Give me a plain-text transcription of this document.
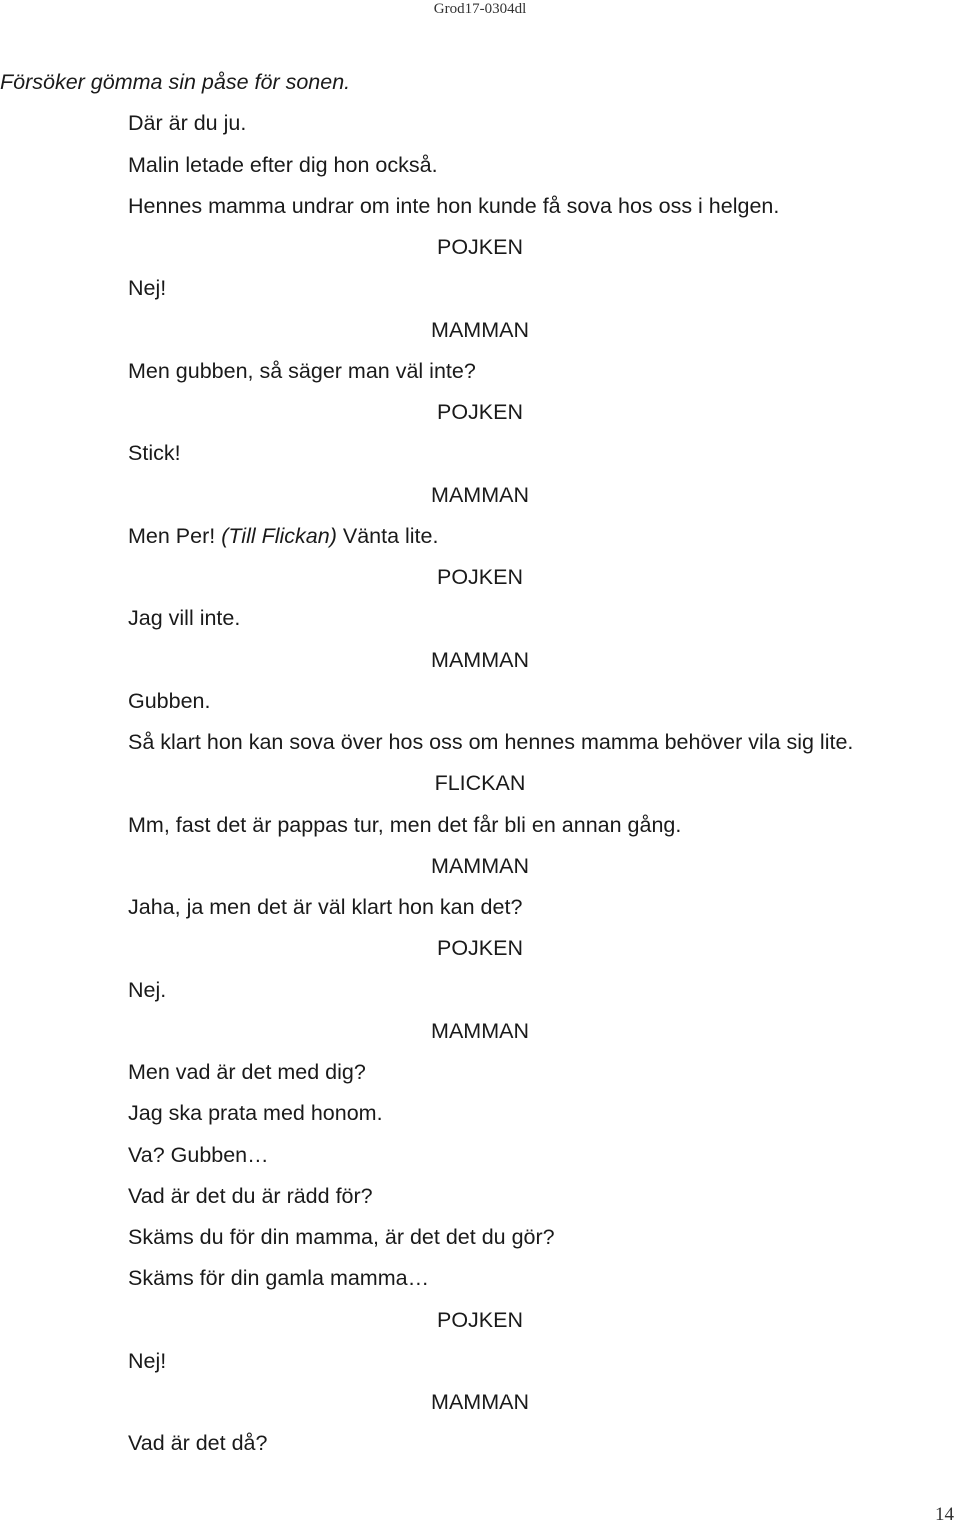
Grod17-0304dl
Försöker gömma sin påse för sonen.
Där är du ju.
Malin letade efter dig hon också.
Hennes mamma undrar om inte hon kunde få sova hos oss i helgen.
POJKEN
Nej!
MAMMAN
Men gubben, så säger man väl inte?
POJKEN
Stick!
MAMMAN
Men Per! (Till Flickan) Vänta lite.
POJKEN
Jag vill inte.
MAMMAN
Gubben.
Så klart hon kan sova över hos oss om hennes mamma behöver vila sig lite.
FLICKAN
Mm, fast det är pappas tur, men det får bli en annan gång.
MAMMAN
Jaha, ja men det är väl klart hon kan det?
POJKEN
Nej.
MAMMAN
Men vad är det med dig?
Jag ska prata med honom.
Va? Gubben…
Vad är det du är rädd för?
Skäms du för din mamma, är det det du gör?
Skäms för din gamla mamma…
POJKEN
Nej!
MAMMAN
Vad är det då?
14
